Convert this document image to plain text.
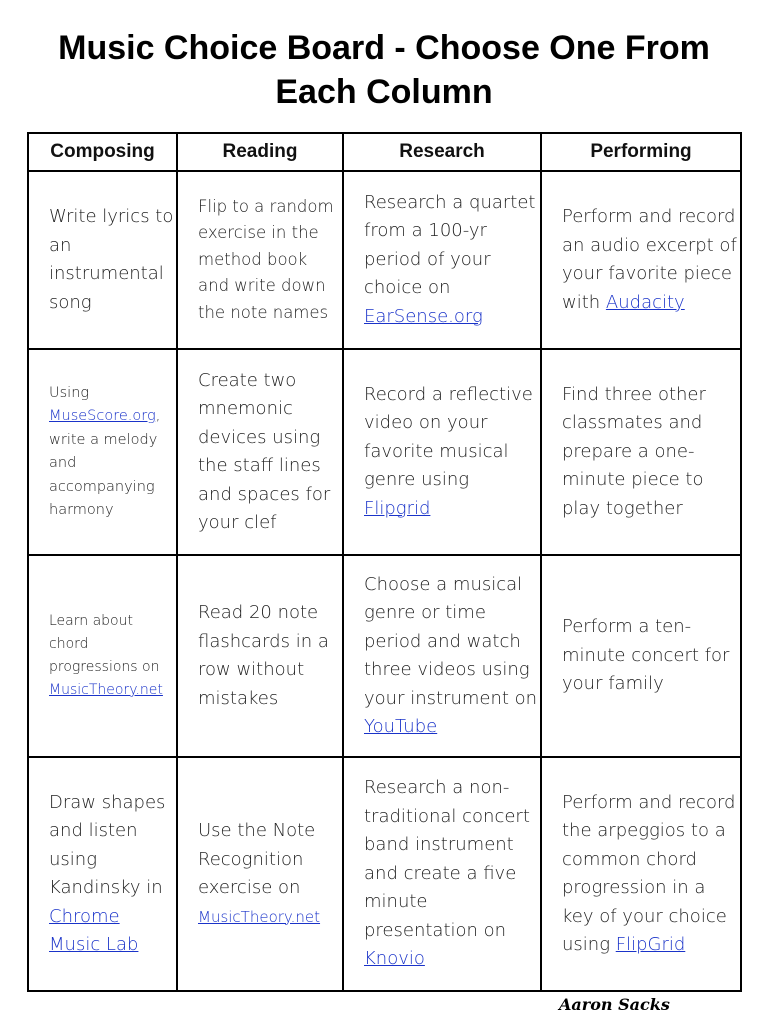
Music Choice Board - Choose One From
Each Column
Composing	Reading	Research	Performing
Write lyrics to an instrumental song	Flip to a random exercise in the method book and write down the note names	Research a quartet from a 100-yr period of your choice on EarSense.org	Perform and record an audio excerpt of your favorite piece with Audacity
Using MuseScore.org, write a melody and accompanying harmony	Create two mnemonic devices using the staff lines and spaces for your clef	Record a reflective video on your favorite musical genre using Flipgrid	Find three other classmates and prepare a one-minute piece to play together
Learn about chord progressions on MusicTheory.net	Read 20 note flashcards in a row without mistakes	Choose a musical genre or time period and watch three videos using your instrument on YouTube	Perform a ten-minute concert for your family
Draw shapes and listen using Kandinsky in Chrome Music Lab	Use the Note Recognition exercise on MusicTheory.net	Research a non-traditional concert band instrument and create a five minute presentation on Knovio	Perform and record the arpeggios to a common chord progression in a key of your choice using FlipGrid
Aaron Sacks
